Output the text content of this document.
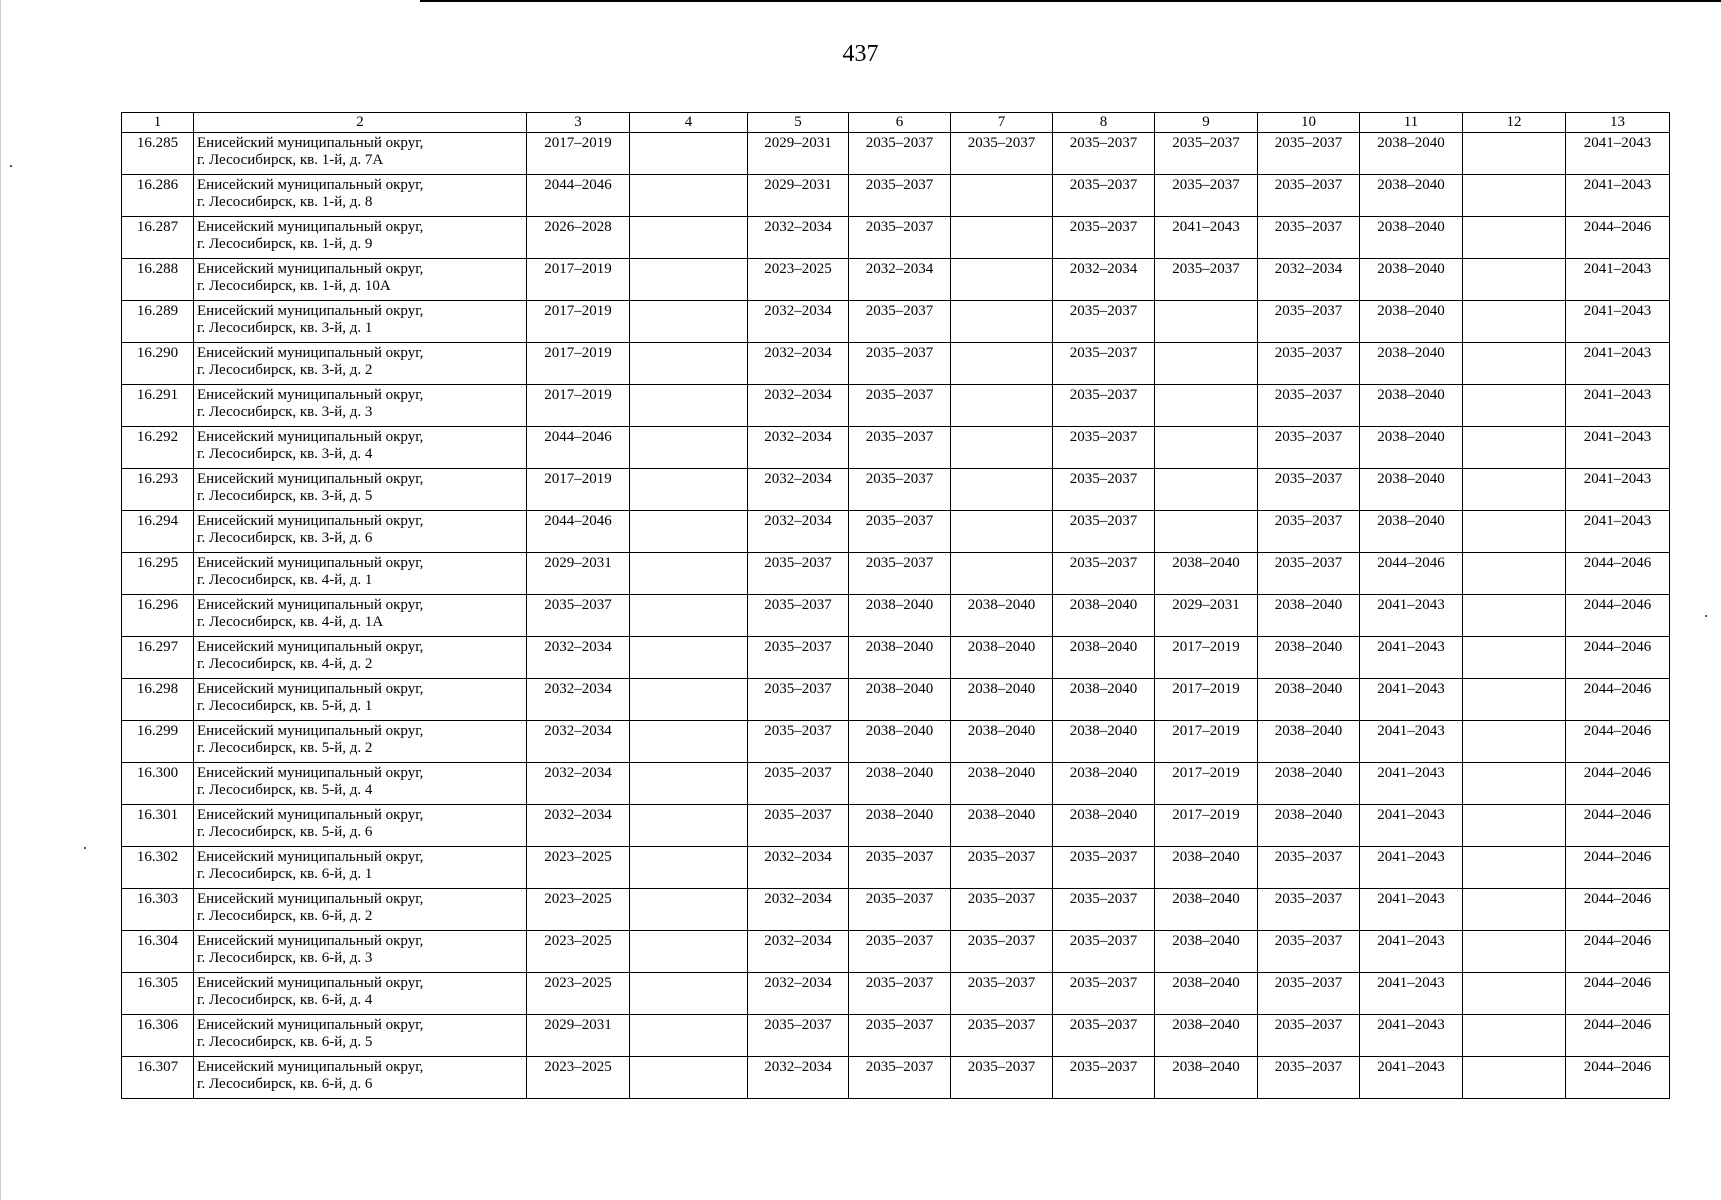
437
1	2	3	4	5	6	7	8	9	10	11	12	13
16.285	Енисейский муниципальный округ,
г. Лесосибирск, кв. 1-й, д. 7А	2017–2019		2029–2031	2035–2037	2035–2037	2035–2037	2035–2037	2035–2037	2038–2040		2041–2043
16.286	Енисейский муниципальный округ,
г. Лесосибирск, кв. 1-й, д. 8	2044–2046		2029–2031	2035–2037		2035–2037	2035–2037	2035–2037	2038–2040		2041–2043
16.287	Енисейский муниципальный округ,
г. Лесосибирск, кв. 1-й, д. 9	2026–2028		2032–2034	2035–2037		2035–2037	2041–2043	2035–2037	2038–2040		2044–2046
16.288	Енисейский муниципальный округ,
г. Лесосибирск, кв. 1-й, д. 10А	2017–2019		2023–2025	2032–2034		2032–2034	2035–2037	2032–2034	2038–2040		2041–2043
16.289	Енисейский муниципальный округ,
г. Лесосибирск, кв. 3-й, д. 1	2017–2019		2032–2034	2035–2037		2035–2037		2035–2037	2038–2040		2041–2043
16.290	Енисейский муниципальный округ,
г. Лесосибирск, кв. 3-й, д. 2	2017–2019		2032–2034	2035–2037		2035–2037		2035–2037	2038–2040		2041–2043
16.291	Енисейский муниципальный округ,
г. Лесосибирск, кв. 3-й, д. 3	2017–2019		2032–2034	2035–2037		2035–2037		2035–2037	2038–2040		2041–2043
16.292	Енисейский муниципальный округ,
г. Лесосибирск, кв. 3-й, д. 4	2044–2046		2032–2034	2035–2037		2035–2037		2035–2037	2038–2040		2041–2043
16.293	Енисейский муниципальный округ,
г. Лесосибирск, кв. 3-й, д. 5	2017–2019		2032–2034	2035–2037		2035–2037		2035–2037	2038–2040		2041–2043
16.294	Енисейский муниципальный округ,
г. Лесосибирск, кв. 3-й, д. 6	2044–2046		2032–2034	2035–2037		2035–2037		2035–2037	2038–2040		2041–2043
16.295	Енисейский муниципальный округ,
г. Лесосибирск, кв. 4-й, д. 1	2029–2031		2035–2037	2035–2037		2035–2037	2038–2040	2035–2037	2044–2046		2044–2046
16.296	Енисейский муниципальный округ,
г. Лесосибирск, кв. 4-й, д. 1А	2035–2037		2035–2037	2038–2040	2038–2040	2038–2040	2029–2031	2038–2040	2041–2043		2044–2046
16.297	Енисейский муниципальный округ,
г. Лесосибирск, кв. 4-й, д. 2	2032–2034		2035–2037	2038–2040	2038–2040	2038–2040	2017–2019	2038–2040	2041–2043		2044–2046
16.298	Енисейский муниципальный округ,
г. Лесосибирск, кв. 5-й, д. 1	2032–2034		2035–2037	2038–2040	2038–2040	2038–2040	2017–2019	2038–2040	2041–2043		2044–2046
16.299	Енисейский муниципальный округ,
г. Лесосибирск, кв. 5-й, д. 2	2032–2034		2035–2037	2038–2040	2038–2040	2038–2040	2017–2019	2038–2040	2041–2043		2044–2046
16.300	Енисейский муниципальный округ,
г. Лесосибирск, кв. 5-й, д. 4	2032–2034		2035–2037	2038–2040	2038–2040	2038–2040	2017–2019	2038–2040	2041–2043		2044–2046
16.301	Енисейский муниципальный округ,
г. Лесосибирск, кв. 5-й, д. 6	2032–2034		2035–2037	2038–2040	2038–2040	2038–2040	2017–2019	2038–2040	2041–2043		2044–2046
16.302	Енисейский муниципальный округ,
г. Лесосибирск, кв. 6-й, д. 1	2023–2025		2032–2034	2035–2037	2035–2037	2035–2037	2038–2040	2035–2037	2041–2043		2044–2046
16.303	Енисейский муниципальный округ,
г. Лесосибирск, кв. 6-й, д. 2	2023–2025		2032–2034	2035–2037	2035–2037	2035–2037	2038–2040	2035–2037	2041–2043		2044–2046
16.304	Енисейский муниципальный округ,
г. Лесосибирск, кв. 6-й, д. 3	2023–2025		2032–2034	2035–2037	2035–2037	2035–2037	2038–2040	2035–2037	2041–2043		2044–2046
16.305	Енисейский муниципальный округ,
г. Лесосибирск, кв. 6-й, д. 4	2023–2025		2032–2034	2035–2037	2035–2037	2035–2037	2038–2040	2035–2037	2041–2043		2044–2046
16.306	Енисейский муниципальный округ,
г. Лесосибирск, кв. 6-й, д. 5	2029–2031		2035–2037	2035–2037	2035–2037	2035–2037	2038–2040	2035–2037	2041–2043		2044–2046
16.307	Енисейский муниципальный округ,
г. Лесосибирск, кв. 6-й, д. 6	2023–2025		2032–2034	2035–2037	2035–2037	2035–2037	2038–2040	2035–2037	2041–2043		2044–2046
